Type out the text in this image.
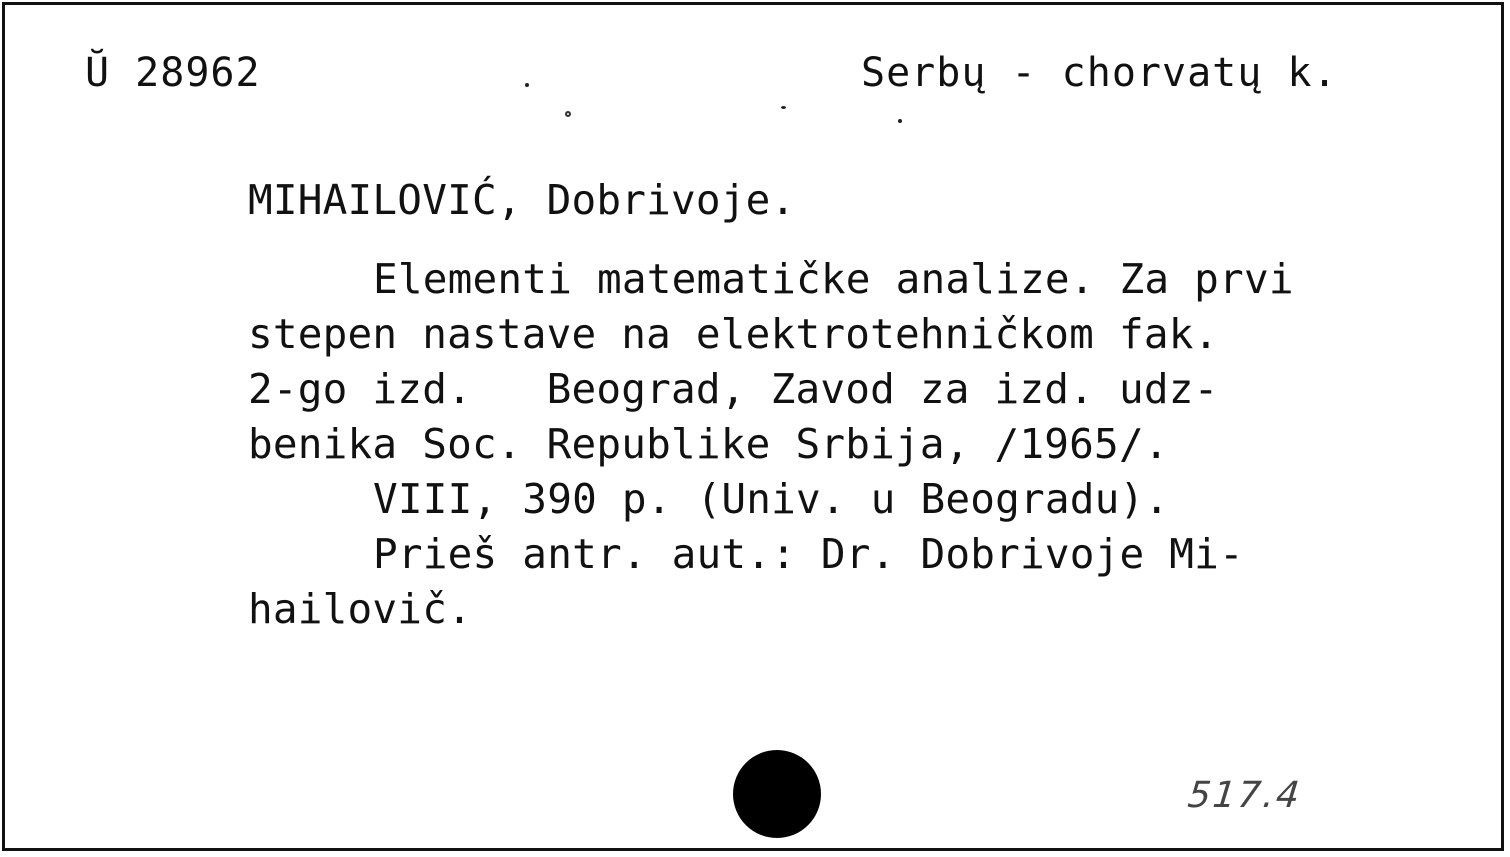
Ŭ 28962	Serbų - chorvatų k.
MIHAILOVIĆ, Dobrivoje.
Elementi matematičke analize. Za prvi
stepen nastave na elektrotehničkom fak.
2-go izd.   Beograd, Zavod za izd. udz-
benika Soc. Republike Srbija, /1965/.
VIII, 390 p. (Univ. u Beogradu).
Prieš antr. aut.: Dr. Dobrivoje Mi-
hailovič.
517.4
